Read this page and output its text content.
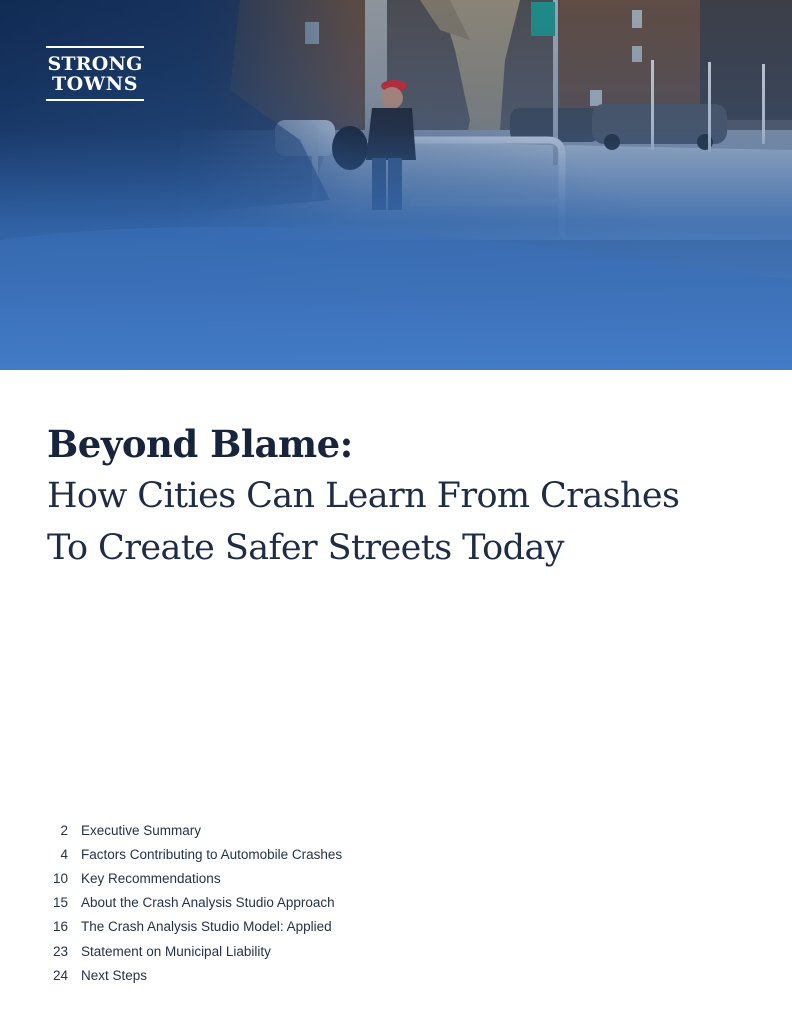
STRONG
TOWNS
Beyond Blame:
How Cities Can Learn From Crashes
To Create Safer Streets Today
2 Executive Summary
4 Factors Contributing to Automobile Crashes
10 Key Recommendations
15 About the Crash Analysis Studio Approach
16 The Crash Analysis Studio Model: Applied
23 Statement on Municipal Liability
24 Next Steps
